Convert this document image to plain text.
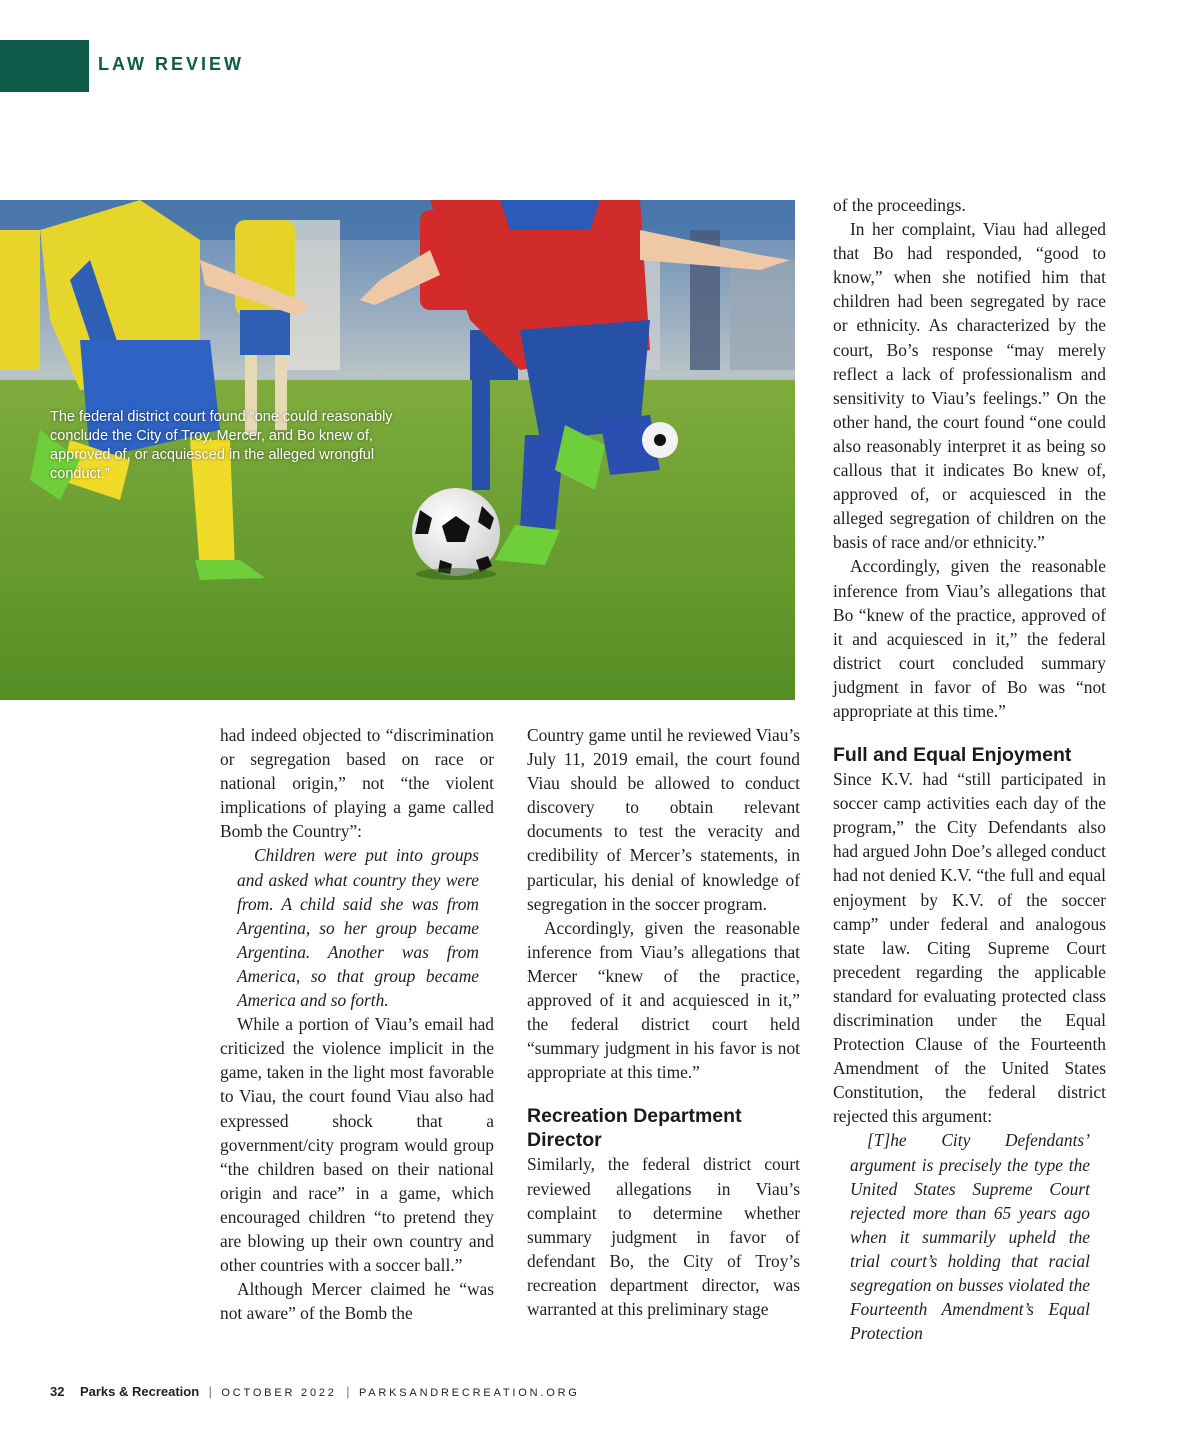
LAW REVIEW

The federal district court found “one could reasonably conclude the City of Troy, Mercer, and Bo knew of, approved of, or acquiesced in the alleged wrongful conduct.”

had indeed objected to “discrimination or segregation based on race or national origin,” not “the violent implications of playing a game called Bomb the Country”:

Children were put into groups and asked what country they were from. A child said she was from Argentina, so her group became Argentina. Another was from America, so that group became America and so forth.

While a portion of Viau’s email had criticized the violence implicit in the game, taken in the light most favorable to Viau, the court found Viau also had expressed shock that a government/city program would group “the children based on their national origin and race” in a game, which encouraged children “to pretend they are blowing up their own country and other countries with a soccer ball.”

Although Mercer claimed he “was not aware” of the Bomb the

Country game until he reviewed Viau’s July 11, 2019 email, the court found Viau should be allowed to conduct discovery to obtain relevant documents to test the veracity and credibility of Mercer’s statements, in particular, his denial of knowledge of segregation in the soccer program.

Accordingly, given the reasonable inference from Viau’s allegations that Mercer “knew of the practice, approved of it and acquiesced in it,” the federal district court held “summary judgment in his favor is not appropriate at this time.”

Recreation Department Director

Similarly, the federal district court reviewed allegations in Viau’s complaint to determine whether summary judgment in favor of defendant Bo, the City of Troy’s recreation department director, was warranted at this preliminary stage

of the proceedings.

In her complaint, Viau had alleged that Bo had responded, “good to know,” when she notified him that children had been segregated by race or ethnicity. As characterized by the court, Bo’s response “may merely reflect a lack of professionalism and sensitivity to Viau’s feelings.” On the other hand, the court found “one could also reasonably interpret it as being so callous that it indicates Bo knew of, approved of, or acquiesced in the alleged segregation of children on the basis of race and/or ethnicity.”

Accordingly, given the reasonable inference from Viau’s allegations that Bo “knew of the practice, approved of it and acquiesced in it,” the federal district court concluded summary judgment in favor of Bo was “not appropriate at this time.”

Full and Equal Enjoyment

Since K.V. had “still participated in soccer camp activities each day of the program,” the City Defendants also had argued John Doe’s alleged conduct had not denied K.V. “the full and equal enjoyment by K.V. of the soccer camp” under federal and analogous state law. Citing Supreme Court precedent regarding the applicable standard for evaluating protected class discrimination under the Equal Protection Clause of the Fourteenth Amendment of the United States Constitution, the federal district rejected this argument:

[T]he City Defendants’ argument is precisely the type the United States Supreme Court rejected more than 65 years ago when it summarily upheld the trial court’s holding that racial segregation on busses violated the Fourteenth Amendment’s Equal Protection

32 Parks & Recreation | OCTOBER 2022 | PARKSANDRECREATION.ORG
